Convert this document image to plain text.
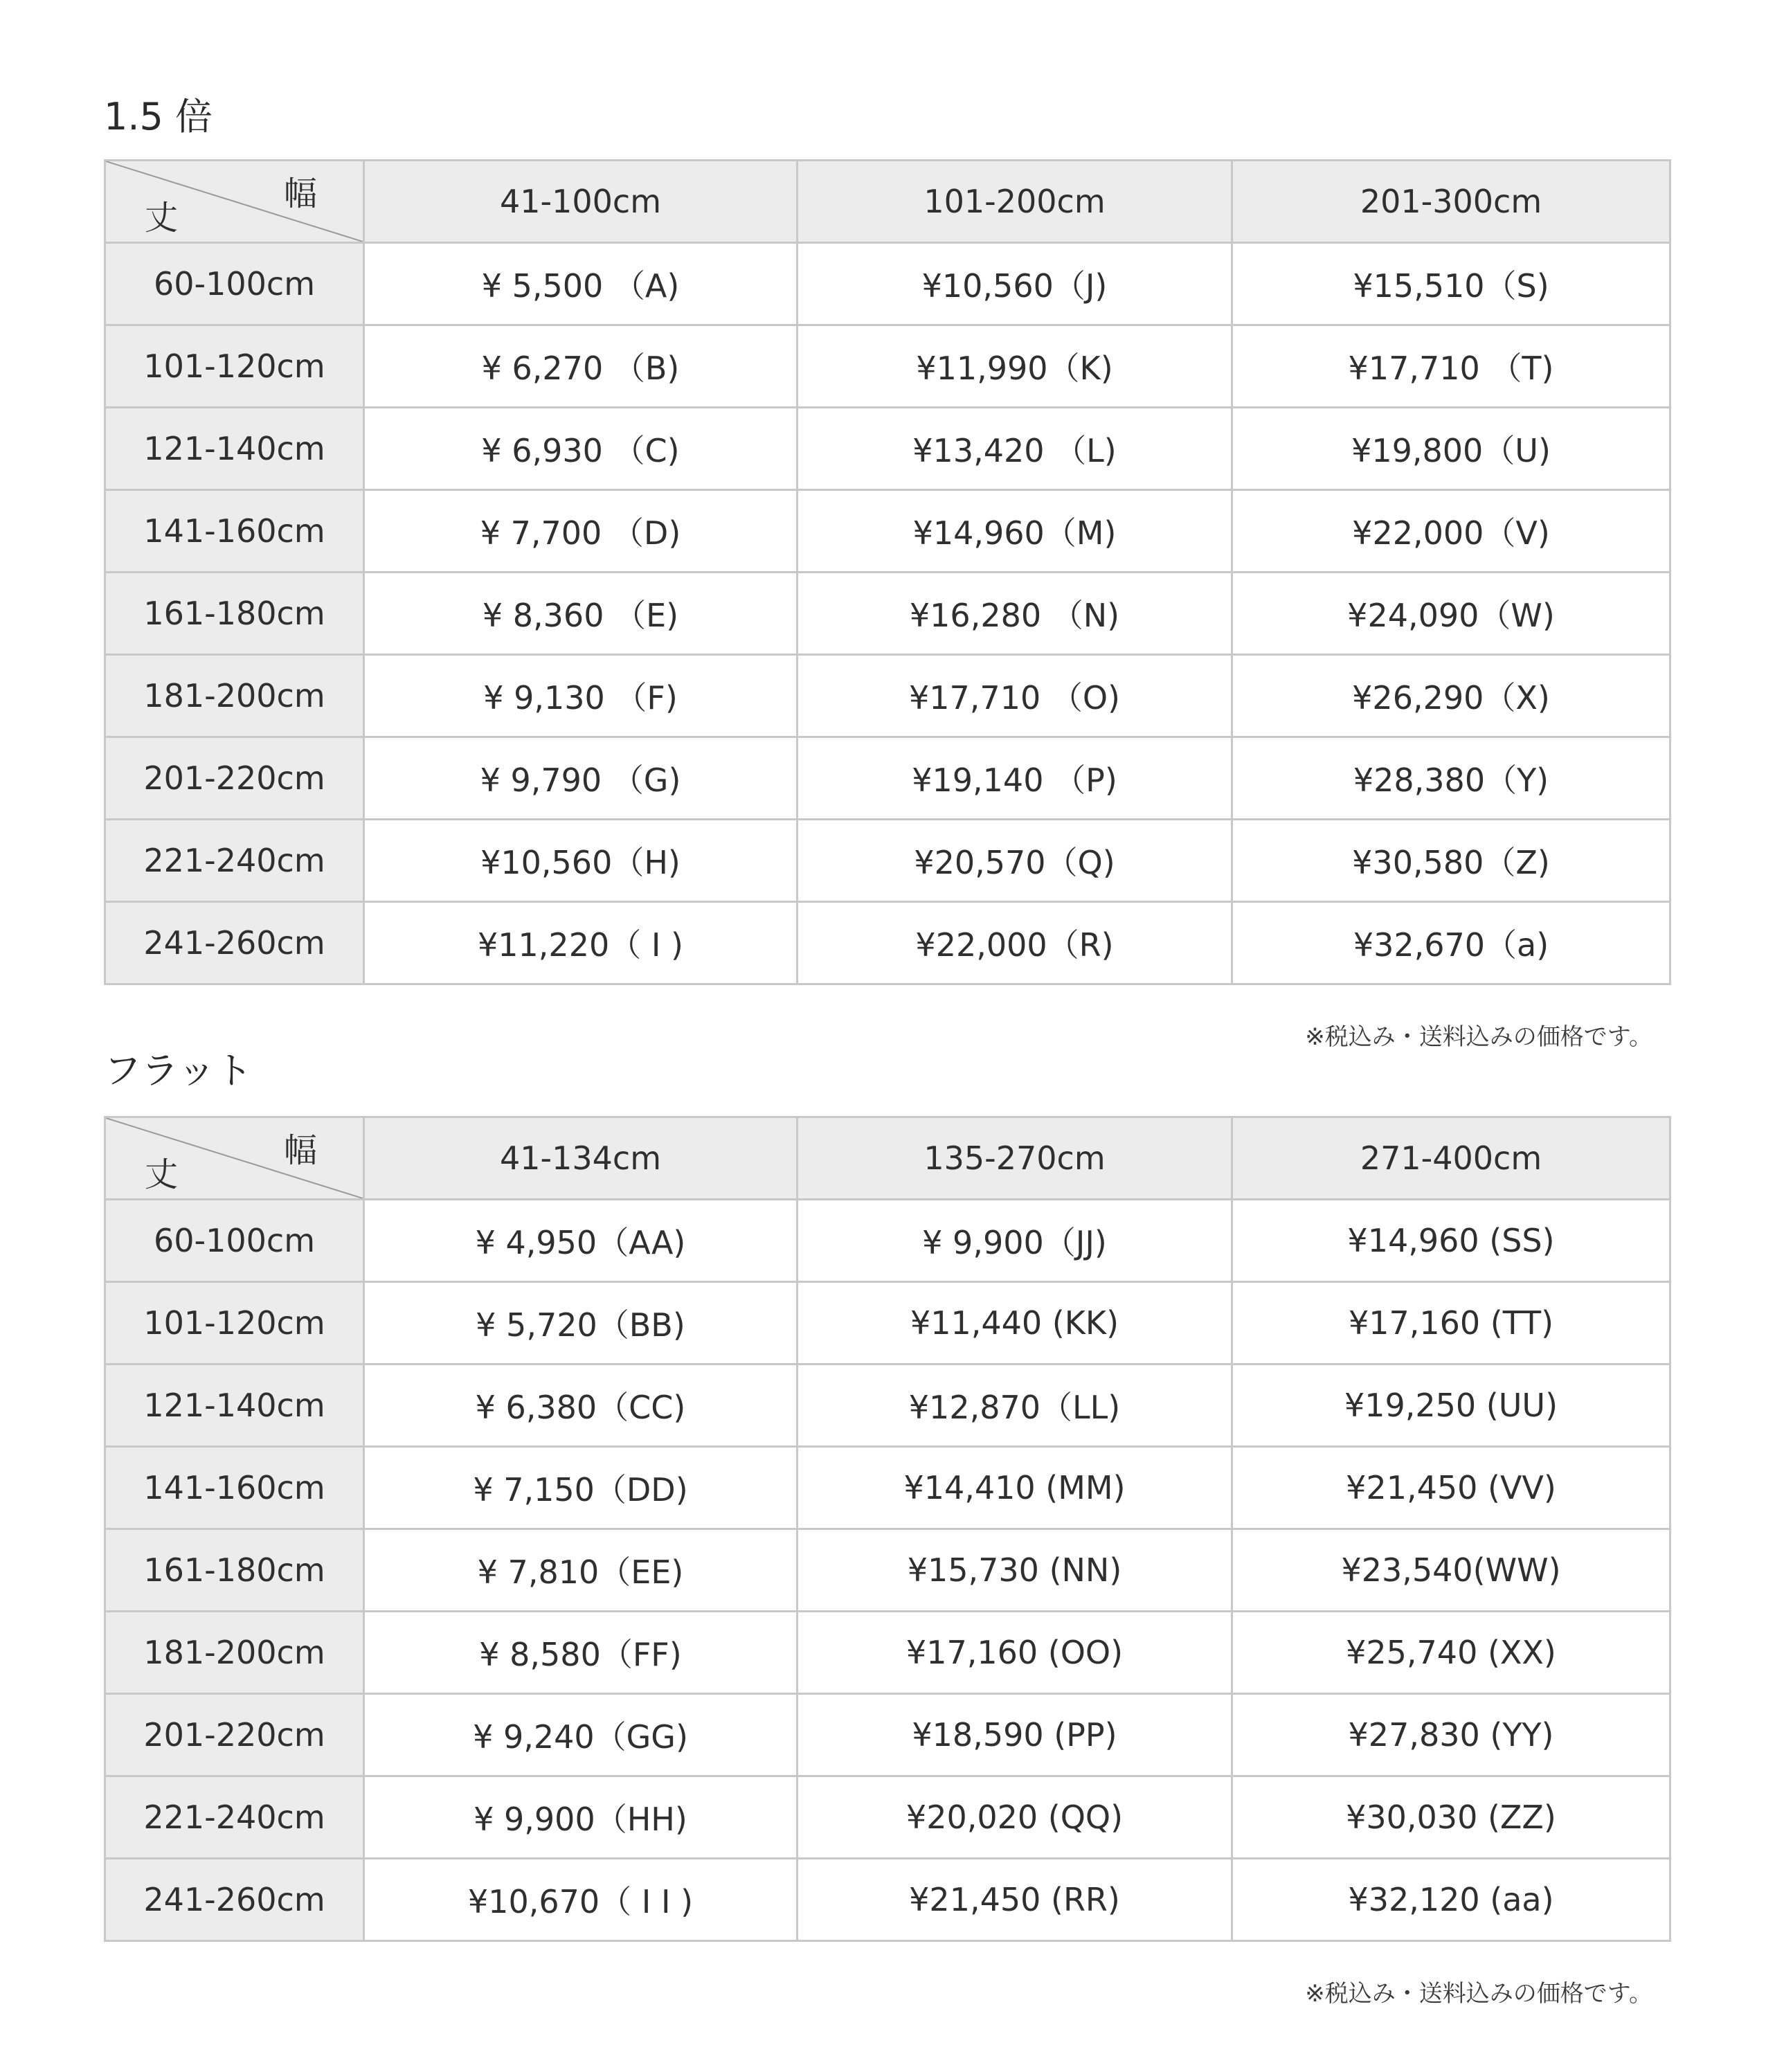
1.5 倍
幅
丈	41-100cm	101-200cm	201-300cm
60-100cm	¥ 5,500 （A)	¥10,560（J)	¥15,510（S)
101-120cm	¥ 6,270 （B)	¥11,990（K)	¥17,710 （T)
121-140cm	¥ 6,930 （C)	¥13,420 （L)	¥19,800（U)
141-160cm	¥ 7,700 （D)	¥14,960（M)	¥22,000（V)
161-180cm	¥ 8,360 （E)	¥16,280 （N)	¥24,090（W)
181-200cm	¥ 9,130 （F)	¥17,710 （O)	¥26,290（X)
201-220cm	¥ 9,790 （G)	¥19,140 （P)	¥28,380（Y)
221-240cm	¥10,560（H)	¥20,570（Q)	¥30,580（Z)
241-260cm	¥11,220（ I )	¥22,000（R)	¥32,670（a)

※税込み・送料込みの価格です。

フラット
幅
丈	41-134cm	135-270cm	271-400cm
60-100cm	¥ 4,950（AA)	¥ 9,900（JJ)	¥14,960 (SS)
101-120cm	¥ 5,720（BB)	¥11,440 (KK)	¥17,160 (TT)
121-140cm	¥ 6,380（CC)	¥12,870（LL)	¥19,250 (UU)
141-160cm	¥ 7,150（DD)	¥14,410 (MM)	¥21,450 (VV)
161-180cm	¥ 7,810（EE)	¥15,730 (NN)	¥23,540(WW)
181-200cm	¥ 8,580（FF)	¥17,160 (OO)	¥25,740 (XX)
201-220cm	¥ 9,240（GG)	¥18,590 (PP)	¥27,830 (YY)
221-240cm	¥ 9,900（HH)	¥20,020 (QQ)	¥30,030 (ZZ)
241-260cm	¥10,670（ I I )	¥21,450 (RR)	¥32,120 (aa)

※税込み・送料込みの価格です。
